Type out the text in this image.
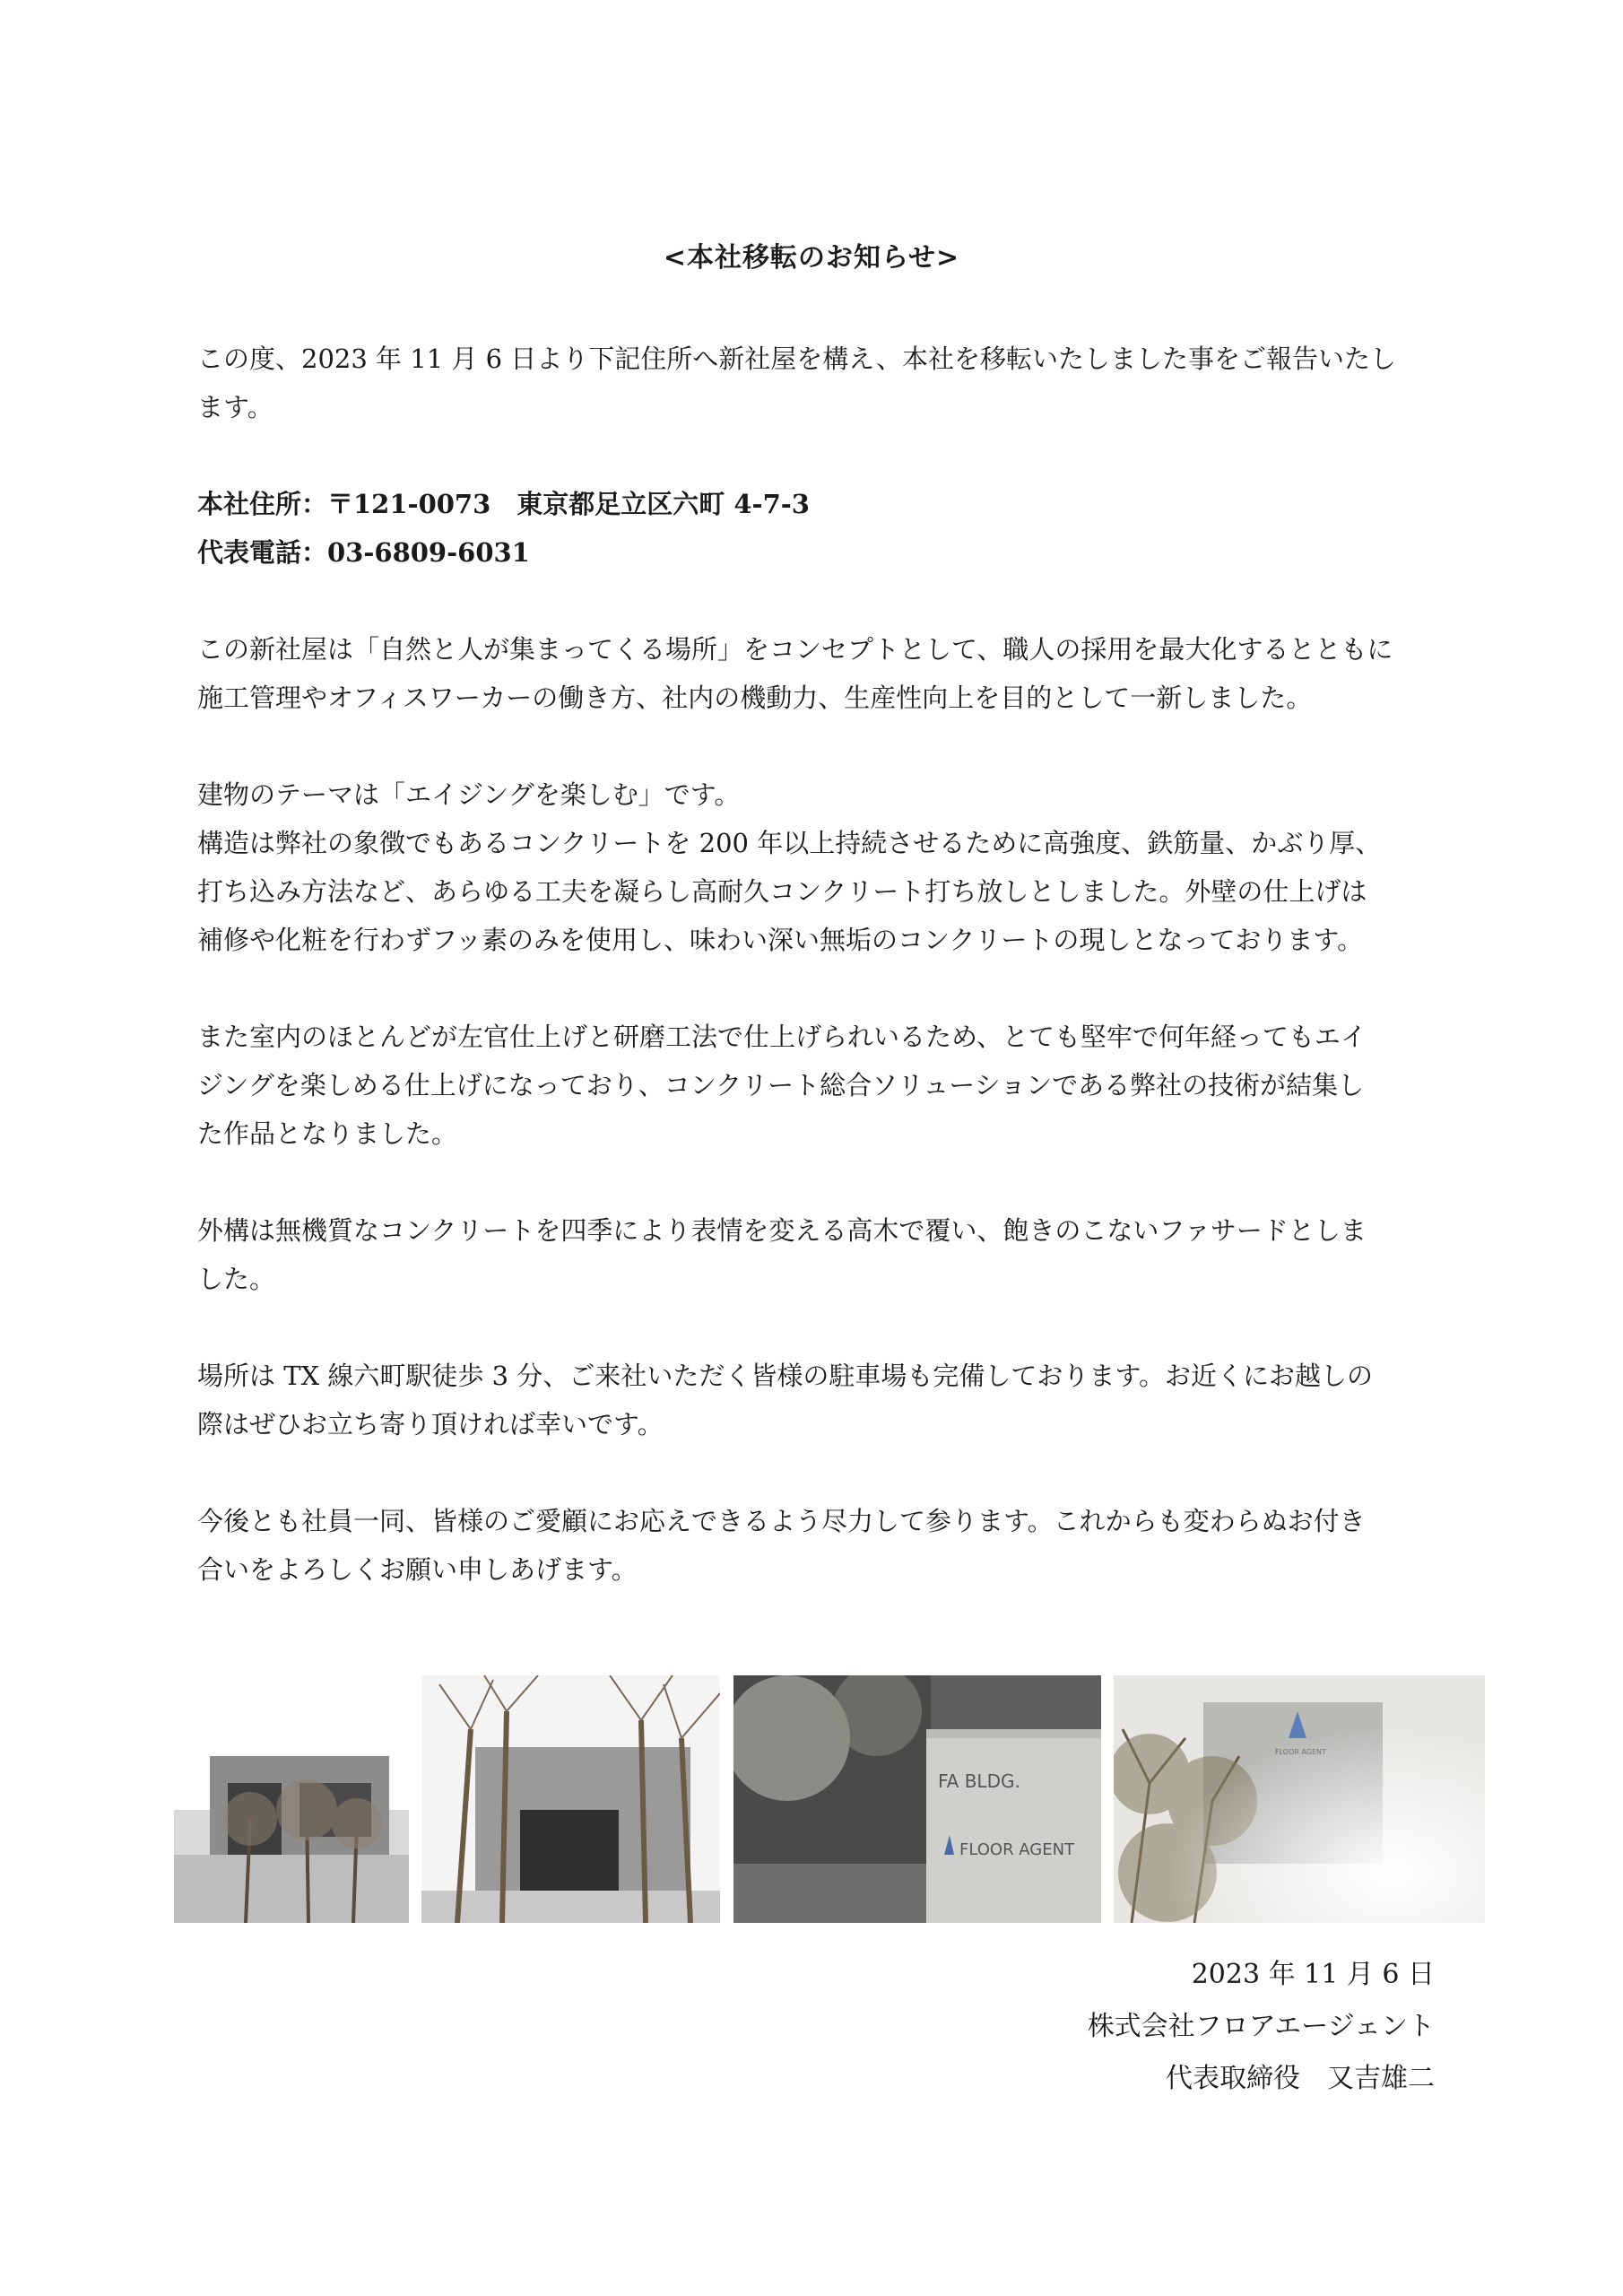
<本社移転のお知らせ>

この度、2023 年 11 月 6 日より下記住所へ新社屋を構え、本社を移転いたしました事をご報告いたし

ます。

本社住所：〒121-0073　東京都足立区六町 4-7-3

代表電話：03-6809-6031

この新社屋は「自然と人が集まってくる場所」をコンセプトとして、職人の採用を最大化するとともに

施工管理やオフィスワーカーの働き方、社内の機動力、生産性向上を目的として一新しました。

建物のテーマは「エイジングを楽しむ」です。

構造は弊社の象徴でもあるコンクリートを 200 年以上持続させるために高強度、鉄筋量、かぶり厚、

打ち込み方法など、あらゆる工夫を凝らし高耐久コンクリート打ち放しとしました。外壁の仕上げは

補修や化粧を行わずフッ素のみを使用し、味わい深い無垢のコンクリートの現しとなっております。

また室内のほとんどが左官仕上げと研磨工法で仕上げられいるため、とても堅牢で何年経ってもエイ

ジングを楽しめる仕上げになっており、コンクリート総合ソリューションである弊社の技術が結集し

た作品となりました。

外構は無機質なコンクリートを四季により表情を変える高木で覆い、飽きのこないファサードとしま

した。

場所は TX 線六町駅徒歩 3 分、ご来社いただく皆様の駐車場も完備しております。お近くにお越しの

際はぜひお立ち寄り頂ければ幸いです。

今後とも社員一同、皆様のご愛顧にお応えできるよう尽力して参ります。これからも変わらぬお付き

合いをよろしくお願い申しあげます。

FA BLDG.
FLOOR AGENT
2023 年 11 月 6 日
株式会社フロアエージェント
代表取締役　又吉雄二
